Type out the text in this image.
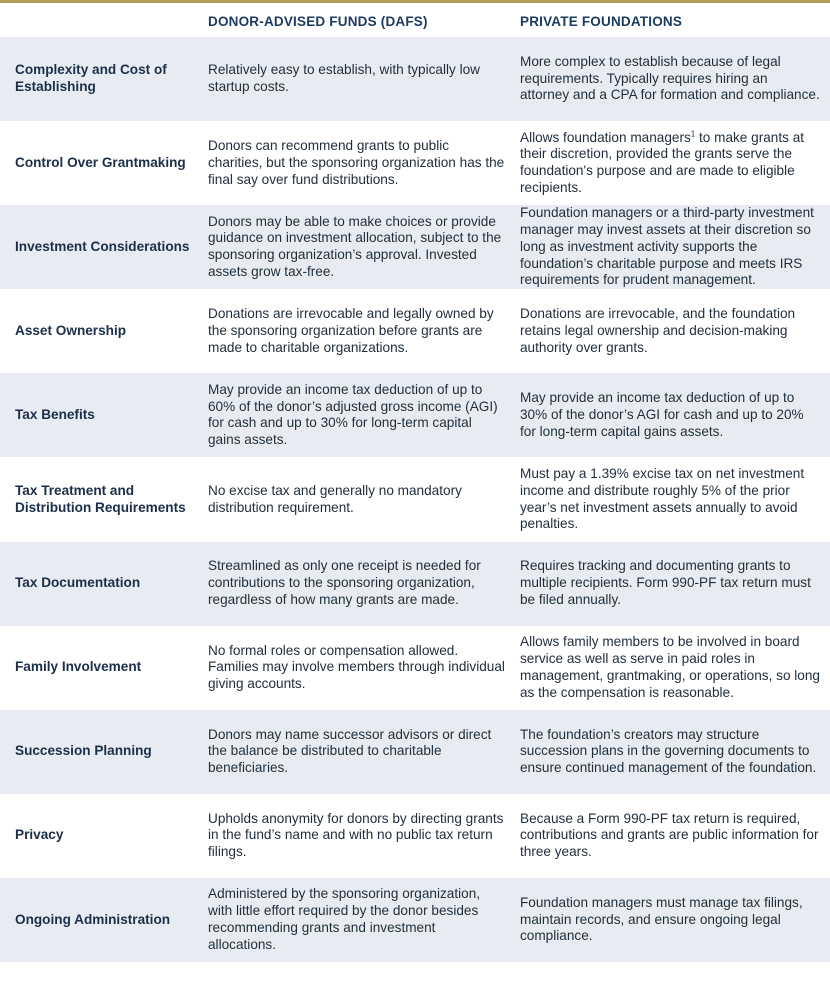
DONOR-ADVISED FUNDS (DAFS)	PRIVATE FOUNDATIONS
Complexity and Cost of Establishing
Relatively easy to establish, with typically low startup costs.
More complex to establish because of legal requirements. Typically requires hiring an attorney and a CPA for formation and compliance.
Control Over Grantmaking
Donors can recommend grants to public charities, but the sponsoring organization has the final say over fund distributions.
Allows foundation managers$^1$ to make grants at their discretion, provided the grants serve the foundation's purpose and are made to eligible recipients.
Investment Considerations
Donors may be able to make choices or provide guidance on investment allocation, subject to the sponsoring organization’s approval. Invested assets grow tax-free.
Foundation managers or a third-party investment manager may invest assets at their discretion so long as investment activity supports the foundation’s charitable purpose and meets IRS requirements for prudent management.
Asset Ownership
Donations are irrevocable and legally owned by the sponsoring organization before grants are made to charitable organizations.
Donations are irrevocable, and the foundation retains legal ownership and decision-making authority over grants.
Tax Benefits
May provide an income tax deduction of up to 60% of the donor’s adjusted gross income (AGI) for cash and up to 30% for long-term capital gains assets.
May provide an income tax deduction of up to 30% of the donor’s AGI for cash and up to 20% for long-term capital gains assets.
Tax Treatment and Distribution Requirements
No excise tax and generally no mandatory distribution requirement.
Must pay a 1.39% excise tax on net investment income and distribute roughly 5% of the prior year’s net investment assets annually to avoid penalties.
Tax Documentation
Streamlined as only one receipt is needed for contributions to the sponsoring organization, regardless of how many grants are made.
Requires tracking and documenting grants to multiple recipients. Form 990-PF tax return must be filed annually.
Family Involvement
No formal roles or compensation allowed. Families may involve members through individual giving accounts.
Allows family members to be involved in board service as well as serve in paid roles in management, grantmaking, or operations, so long as the compensation is reasonable.
Succession Planning
Donors may name successor advisors or direct the balance be distributed to charitable beneficiaries.
The foundation’s creators may structure succession plans in the governing documents to ensure continued management of the foundation.
Privacy
Upholds anonymity for donors by directing grants in the fund’s name and with no public tax return filings.
Because a Form 990-PF tax return is required, contributions and grants are public information for three years.
Ongoing Administration
Administered by the sponsoring organization, with little effort required by the donor besides recommending grants and investment allocations.
Foundation managers must manage tax filings, maintain records, and ensure ongoing legal compliance.
